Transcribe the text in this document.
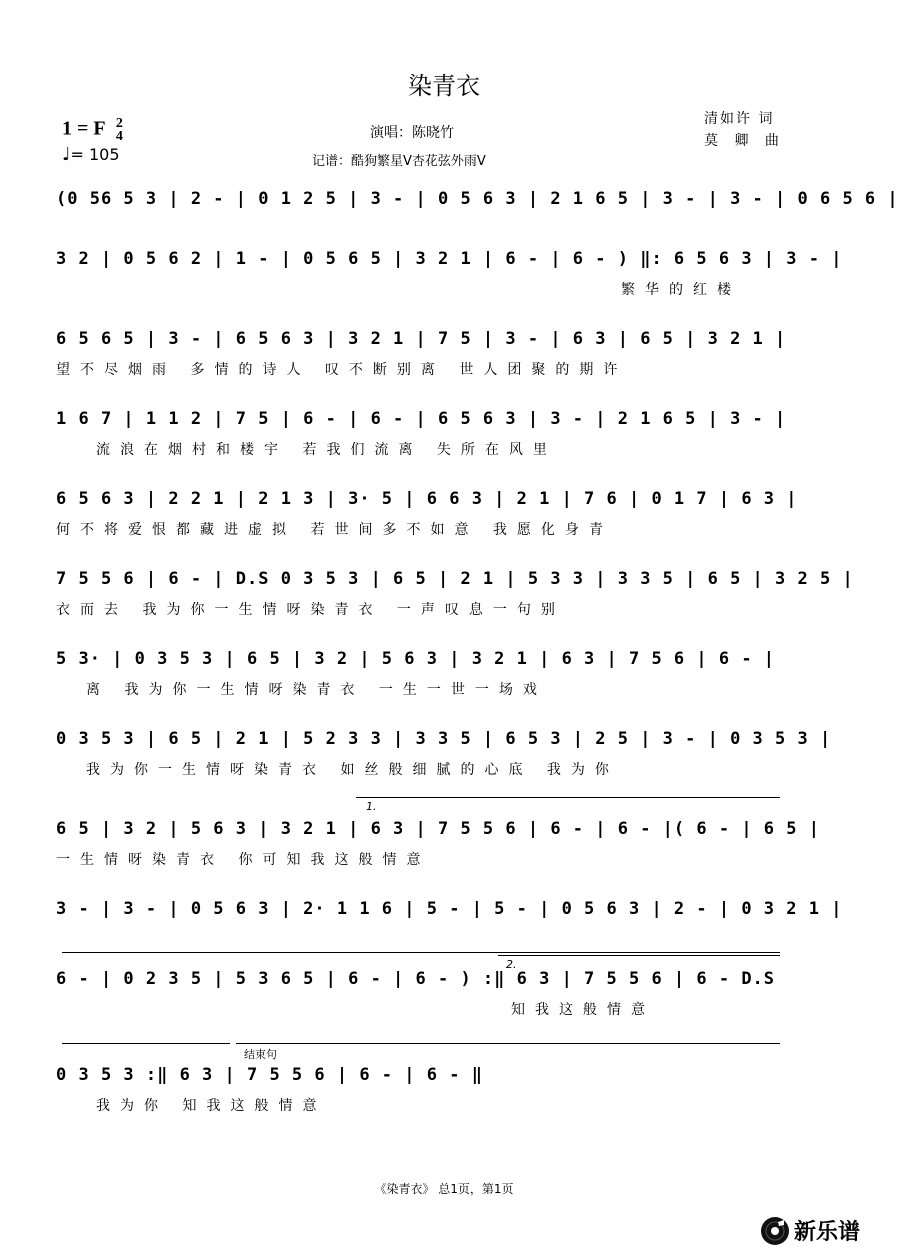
染青衣
1 = F 2
4
♩= 105
演唱：陈晓竹
记谱：酷狗繁星V杏花弦外雨V
清如许 词
莫 卿 曲
(0 56 5 3 | 2 - | 0 1 2 5 | 3 - | 0 5 6 3 | 2 1 6 5 | 3 - | 3 - | 0 6 5 6 |
3 2 | 0 5 6 2 | 1 - | 0 5 6 5 | 3 2 1 | 6 - | 6 - ) ‖: 6 5 6 3 | 3 - |
繁华的红楼
6 5 6 5 | 3 - | 6 5 6 3 | 3 2 1 | 7 5 | 3 - | 6 3 | 6 5 | 3 2 1 |
望不尽烟雨 多情的诗人 叹不断别离 世人团聚的期许
1 6 7 | 1 1 2 | 7 5 | 6 - | 6 - | 6 5 6 3 | 3 - | 2 1 6 5 | 3 - |
流浪在烟村和楼宇 若我们流离 失所在风里
6 5 6 3 | 2 2 1 | 2 1 3 | 3· 5 | 6 6 3 | 2 1 | 7 6 | 0 1 7 | 6 3 |
何不将爱恨都藏进虚拟 若世间多不如意 我愿化身青
7 5 5 6 | 6 - | D.S 0 3 5 3 | 6 5 | 2 1 | 5 3 3 | 3 3 5 | 6 5 | 3 2 5 |
衣而去 我为你一生情呀染青衣 一声叹息一句别
5 3· | 0 3 5 3 | 6 5 | 3 2 | 5 6 3 | 3 2 1 | 6 3 | 7 5 6 | 6 - |
离 我为你一生情呀染青衣 一生一世一场戏
0 3 5 3 | 6 5 | 2 1 | 5 2 3 3 | 3 3 5 | 6 5 3 | 2 5 | 3 - | 0 3 5 3 |
我为你一生情呀染青衣 如丝般细腻的心底 我为你
1.
6 5 | 3 2 | 5 6 3 | 3 2 1 | 6 3 | 7 5 5 6 | 6 - | 6 - |( 6 - | 6 5 |
一生情呀染青衣 你可知我这般情意
3 - | 3 - | 0 5 6 3 | 2· 1 1 6 | 5 - | 5 - | 0 5 6 3 | 2 - | 0 3 2 1 |
2.
6 - | 0 2 3 5 | 5 3 6 5 | 6 - | 6 - ) :‖ 6 3 | 7 5 5 6 | 6 - D.S
知我这般情意
结束句
0 3 5 3 :‖ 6 3 | 7 5 5 6 | 6 - | 6 - ‖
我为你 知我这般情意
《染青衣》 总1页，第1页
新乐谱
